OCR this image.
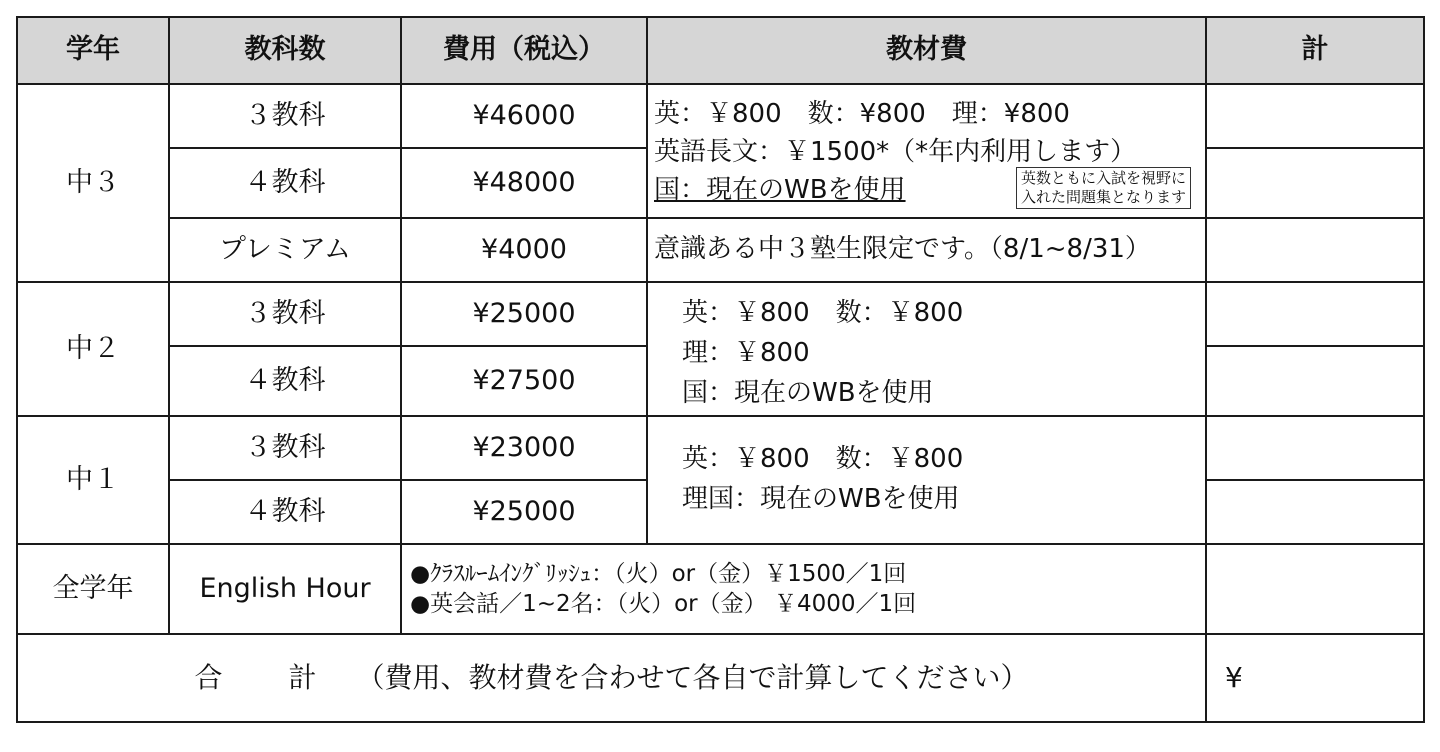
学年	教科数	費用（税込）	教材費	計
中３	３教科	¥46000	英：￥800　数：¥800　理：¥800
英語長文：￥1500*（*年内利用します）
国：現在のWBを使用 英数ともに入試を視野に
入れた問題集となります	

	４教科	¥48000		
	プレミアム	¥4000	意識ある中３塾生限定です。（8/1~8/31）	
中２	３教科	¥25000	英：￥800　数：￥800
理：￥800
国：現在のWBを使用	

	４教科	¥27500		
中１	３教科	¥23000	英：￥800　数：￥800
理国：現在のWBを使用	

	４教科	¥25000		
全学年	English Hour	●ｸﾗｽﾙｰﾑｲﾝｸﾞﾘｯｼｭ：（火）or（金）￥1500／1回
●英会話／1~2名：（火）or（金） ￥4000／1回		

合 計 （費用、教材費を合わせて各自で計算してください）				¥
